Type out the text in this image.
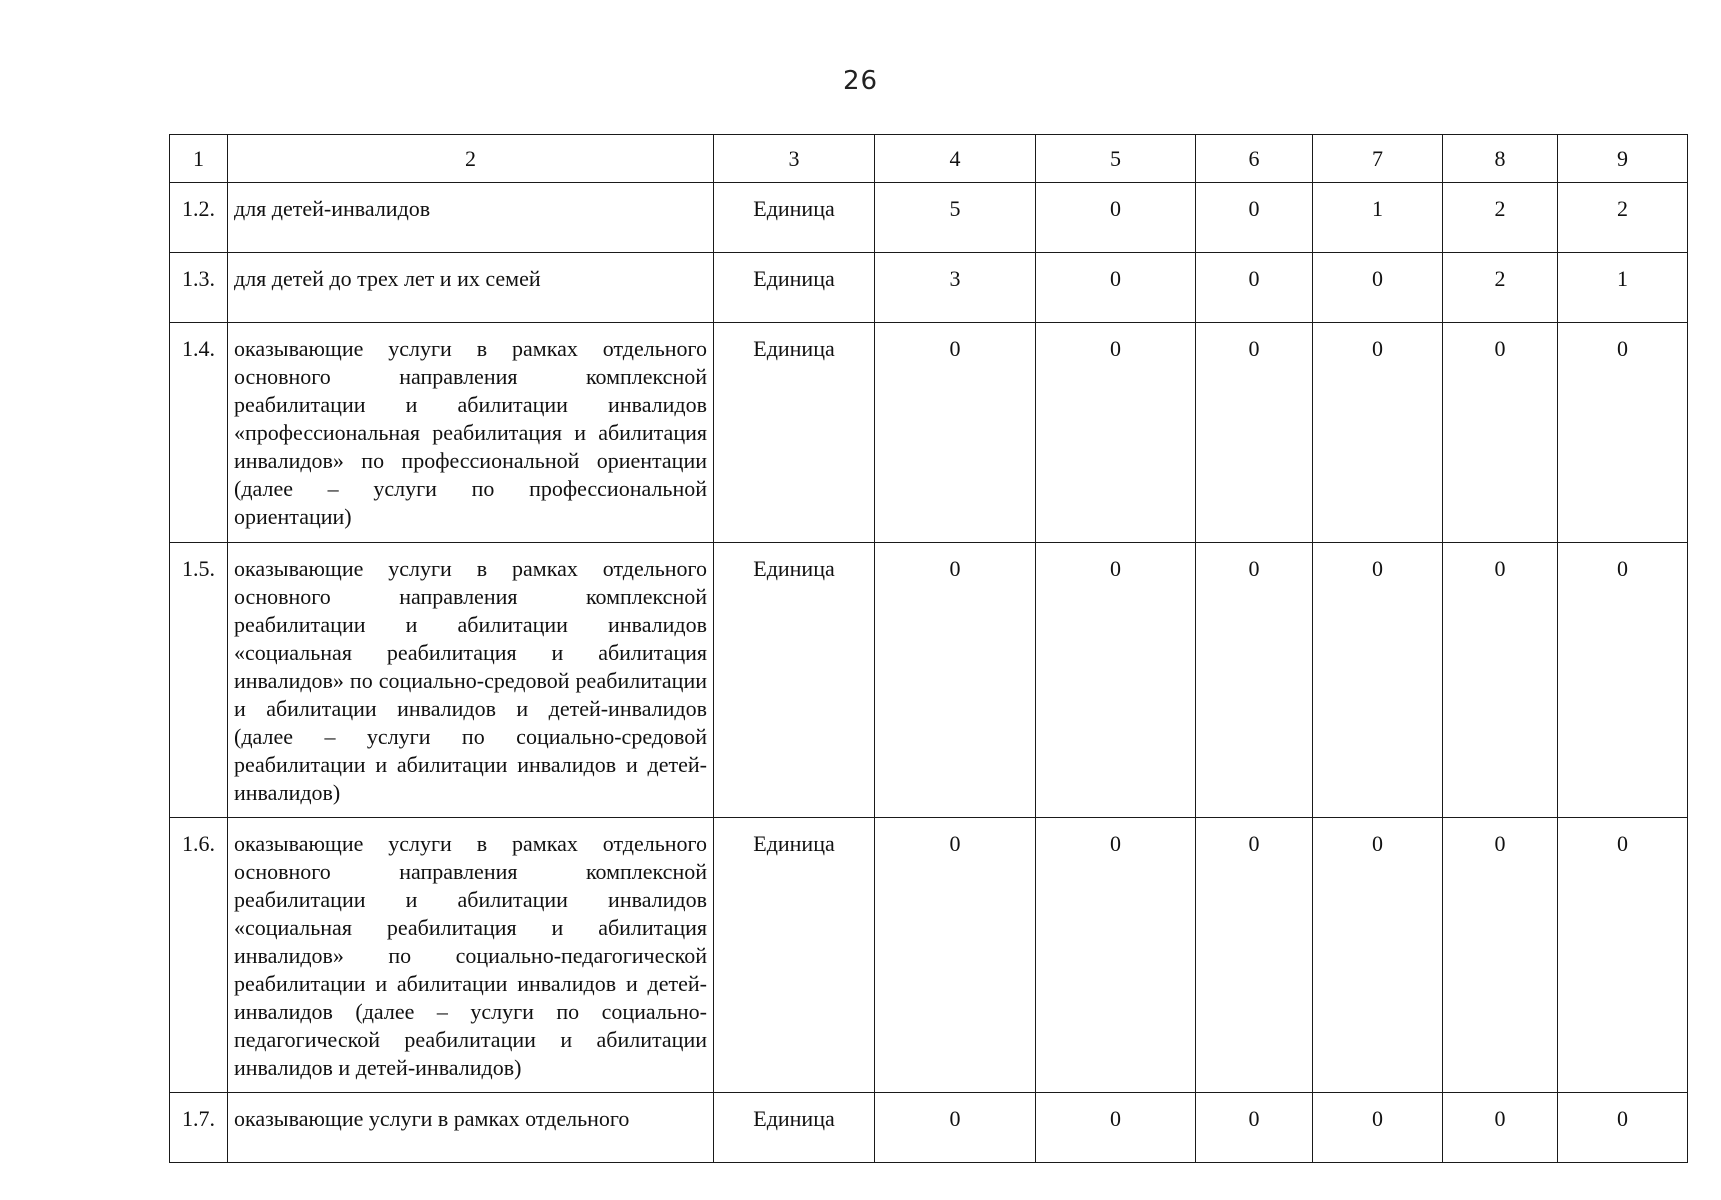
26
1	2	3	4	5	6	7	8	9
1.2.	для детей-инвалидов	Единица	5	0	0	1	2	2
1.3.	для детей до трех лет и их семей	Единица	3	0	0	0	2	1
1.4.	оказывающие услуги в рамках отдельного основного направления комплексной реабилитации и абилитации инвалидов «профессиональная реабилитация и абилитация инвалидов» по профессиональной ориентации (далее – услуги по профессиональной ориентации)	Единица	0	0	0	0	0	0
1.5.	оказывающие услуги в рамках отдельного основного направления комплексной реабилитации и абилитации инвалидов «социальная реабилитация и абилитация инвалидов» по социально-средовой реабилитации и абилитации инвалидов и детей-инвалидов (далее – услуги по социально-средовой реабилитации и абилитации инвалидов и детей-инвалидов)	Единица	0	0	0	0	0	0
1.6.	оказывающие услуги в рамках отдельного основного направления комплексной реабилитации и абилитации инвалидов «социальная реабилитация и абилитация инвалидов» по социально-педагогической реабилитации и абилитации инвалидов и детей-инвалидов (далее – услуги по социально-педагогической реабилитации и абилитации инвалидов и детей-инвалидов)	Единица	0	0	0	0	0	0
1.7.	оказывающие услуги в рамках отдельного	Единица	0	0	0	0	0	0
